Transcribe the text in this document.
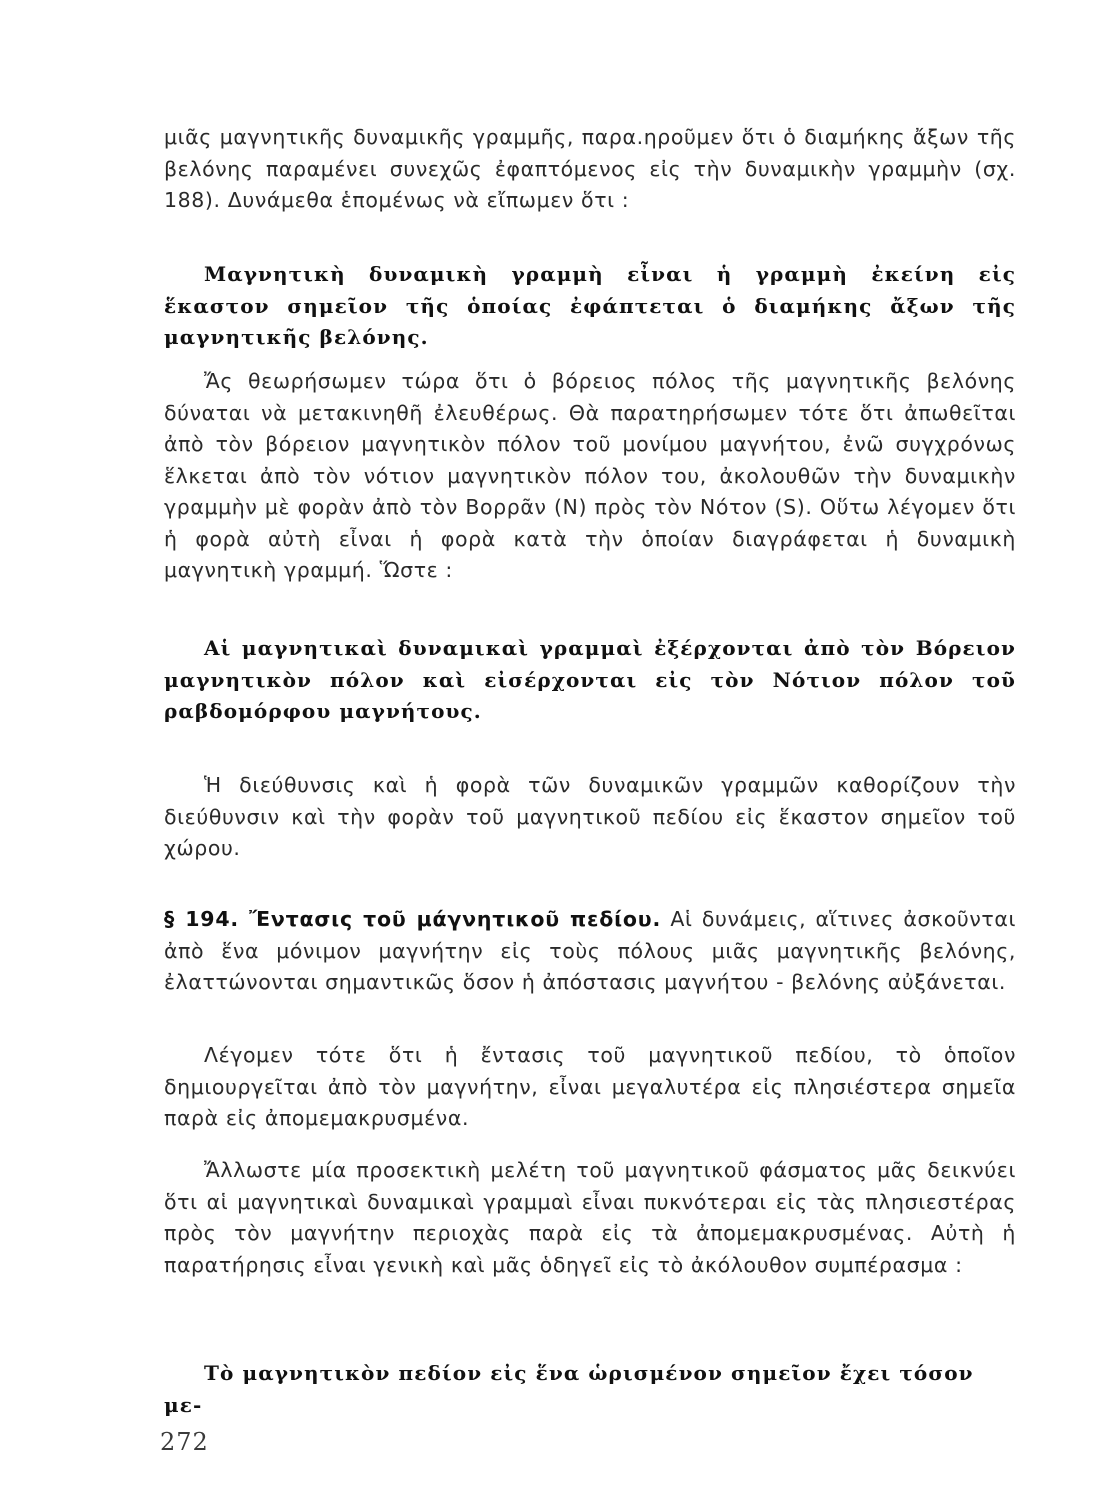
μιᾶς μαγνητικῆς δυναμικῆς γραμμῆς, παρα.ηροῦμεν ὅτι ὁ διαμήκης ἄξων τῆς βελόνης παραμένει συνεχῶς ἐφαπτόμενος εἰς τὴν δυναμικὴν γραμμὴν (σχ. 188). Δυνάμεθα ἑπομένως νὰ εἴπωμεν ὅτι :

Μαγνητικὴ δυναμικὴ γραμμὴ εἶναι ἡ γραμμὴ ἐκείνη εἰς ἕκαστον σημεῖον τῆς ὁποίας ἐφάπτεται ὁ διαμήκης ἄξων τῆς μαγνητικῆς βελόνης.

Ἄς θεωρήσωμεν τώρα ὅτι ὁ βόρειος πόλος τῆς μαγνητικῆς βελόνης δύναται νὰ μετακινηθῆ ἐλευθέρως. Θὰ παρατηρήσωμεν τότε ὅτι ἀπωθεῖται ἀπὸ τὸν βόρειον μαγνητικὸν πόλον τοῦ μονίμου μαγνήτου, ἐνῶ συγχρόνως ἕλκεται ἀπὸ τὸν νότιον μαγνητικὸν πόλον του, ἀκολουθῶν τὴν δυναμικὴν γραμμὴν μὲ φορὰν ἀπὸ τὸν Βορρᾶν (N) πρὸς τὸν Νότον (S). Οὕτω λέγομεν ὅτι ἡ φορὰ αὐτὴ εἶναι ἡ φορὰ κατὰ τὴν ὁποίαν διαγράφεται ἡ δυναμικὴ μαγνητικὴ γραμμή. Ὥστε :

Αἱ μαγνητικαὶ δυναμικαὶ γραμμαὶ ἐξέρχονται ἀπὸ τὸν Βόρειον μαγνητικὸν πόλον καὶ εἰσέρχονται εἰς τὸν Νότιον πόλον τοῦ ραβδομόρφου μαγνήτους.

Ἡ διεύθυνσις καὶ ἡ φορὰ τῶν δυναμικῶν γραμμῶν καθορίζουν τὴν διεύθυνσιν καὶ τὴν φορὰν τοῦ μαγνητικοῦ πεδίου εἰς ἕκαστον σημεῖον τοῦ χώρου.

§ 194. Ἔντασις τοῦ μάγνητικοῦ πεδίου. Αἱ δυνάμεις, αἵτινες ἀσκοῦνται ἀπὸ ἕνα μόνιμον μαγνήτην εἰς τοὺς πόλους μιᾶς μαγνητικῆς βελόνης, ἐλαττώνονται σημαντικῶς ὅσον ἡ ἀπόστασις μαγνήτου - βελόνης αὐξάνεται.

Λέγομεν τότε ὅτι ἡ ἔντασις τοῦ μαγνητικοῦ πεδίου, τὸ ὁποῖον δημιουργεῖται ἀπὸ τὸν μαγνήτην, εἶναι μεγαλυτέρα εἰς πλησιέστερα σημεῖα παρὰ εἰς ἀπομεμακρυσμένα.

Ἄλλωστε μία προσεκτικὴ μελέτη τοῦ μαγνητικοῦ φάσματος μᾶς δεικνύει ὅτι αἱ μαγνητικαὶ δυναμικαὶ γραμμαὶ εἶναι πυκνότεραι εἰς τὰς πλησιεστέρας πρὸς τὸν μαγνήτην περιοχὰς παρὰ εἰς τὰ ἀπομεμακρυσμένας. Αὐτὴ ἡ παρατήρησις εἶναι γενικὴ καὶ μᾶς ὁδηγεῖ εἰς τὸ ἀκόλουθον συμπέρασμα :

Τὸ μαγνητικὸν πεδίον εἰς ἕνα ὡρισμένον σημεῖον ἔχει τόσον με-

272
